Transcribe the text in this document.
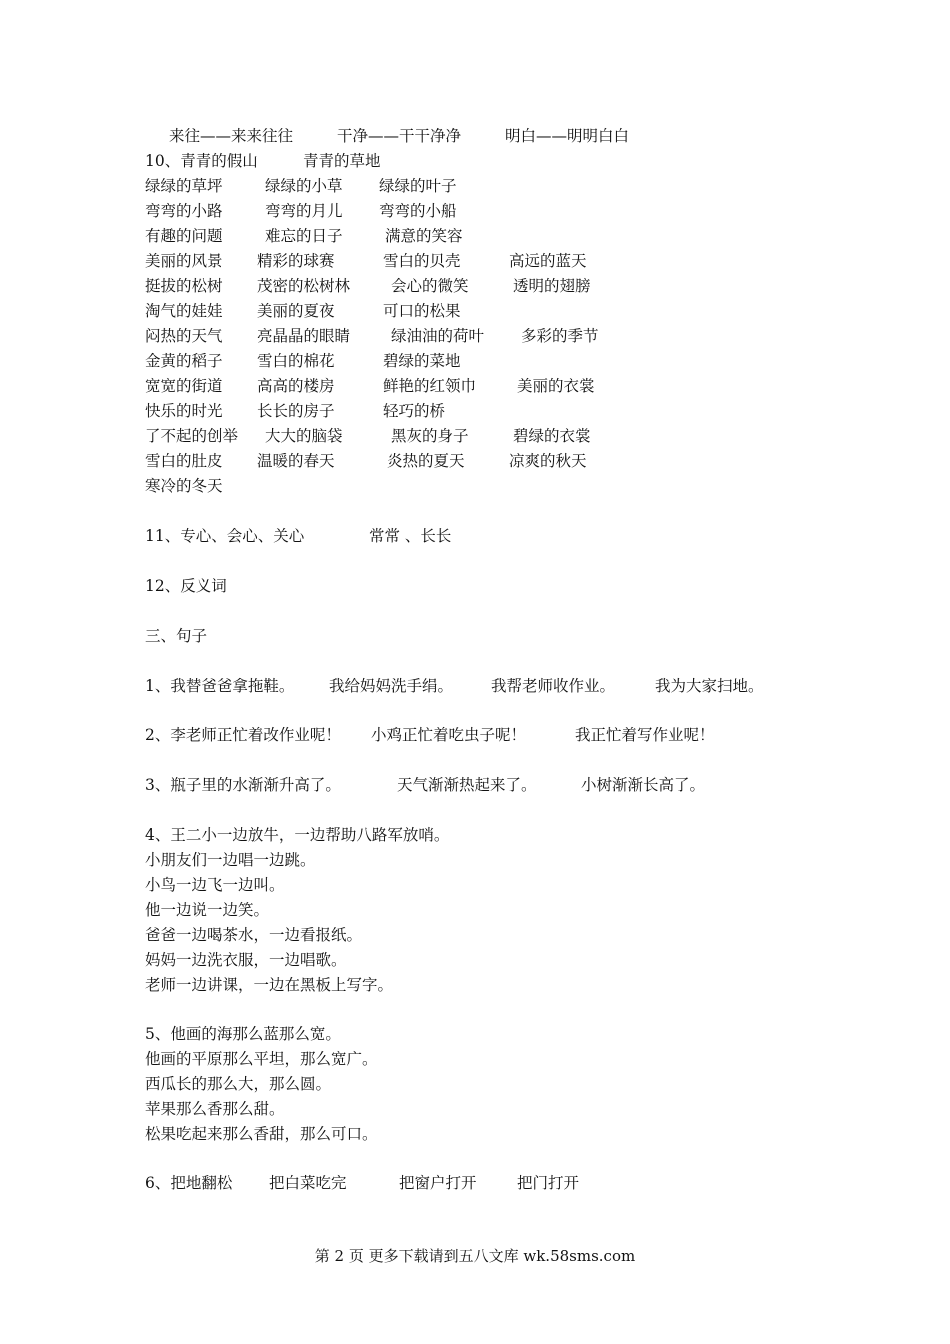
来往——来来往往	干净——干干净净	明白——明明白白
10、青青的假山	青青的草地
绿绿的草坪	绿绿的小草 绿绿的叶子
弯弯的小路	弯弯的月儿 弯弯的小船
有趣的问题	难忘的日子	满意的笑容
美丽的风景 精彩的球赛	雪白的贝壳	高远的蓝天
挺拔的松树 茂密的松树林	会心的微笑	透明的翅膀
淘气的娃娃 美丽的夏夜	可口的松果
闷热的天气 亮晶晶的眼睛	绿油油的荷叶 多彩的季节
金黄的稻子 雪白的棉花	碧绿的菜地
宽宽的街道 高高的楼房	鲜艳的红领巾	美丽的衣裳
快乐的时光 长长的房子	轻巧的桥
了不起的创举 大大的脑袋	黑灰的身子	碧绿的衣裳
雪白的肚皮 温暖的春天	炎热的夏天	凉爽的秋天
寒冷的冬天
11、专心、会心、关心	常常 、长长
12、反义词
三、句子
1、我替爸爸拿拖鞋。 我给妈妈洗手绢。 我帮老师收作业。	我为大家扫地。
2、李老师正忙着改作业呢！ 小鸡正忙着吃虫子呢！	我正忙着写作业呢！
3、瓶子里的水渐渐升高了。	天气渐渐热起来了。	小树渐渐长高了。
4、王二小一边放牛，一边帮助八路军放哨。
小朋友们一边唱一边跳。
小鸟一边飞一边叫。
他一边说一边笑。
爸爸一边喝茶水，一边看报纸。
妈妈一边洗衣服，一边唱歌。
老师一边讲课，一边在黑板上写字。
5、他画的海那么蓝那么宽。
他画的平原那么平坦，那么宽广。
西瓜长的那么大，那么圆。
苹果那么香那么甜。
松果吃起来那么香甜，那么可口。
6、把地翻松 把白菜吃完	把窗户打开	把门打开
第 2 页 更多下载请到五八文库 wk.58sms.com
